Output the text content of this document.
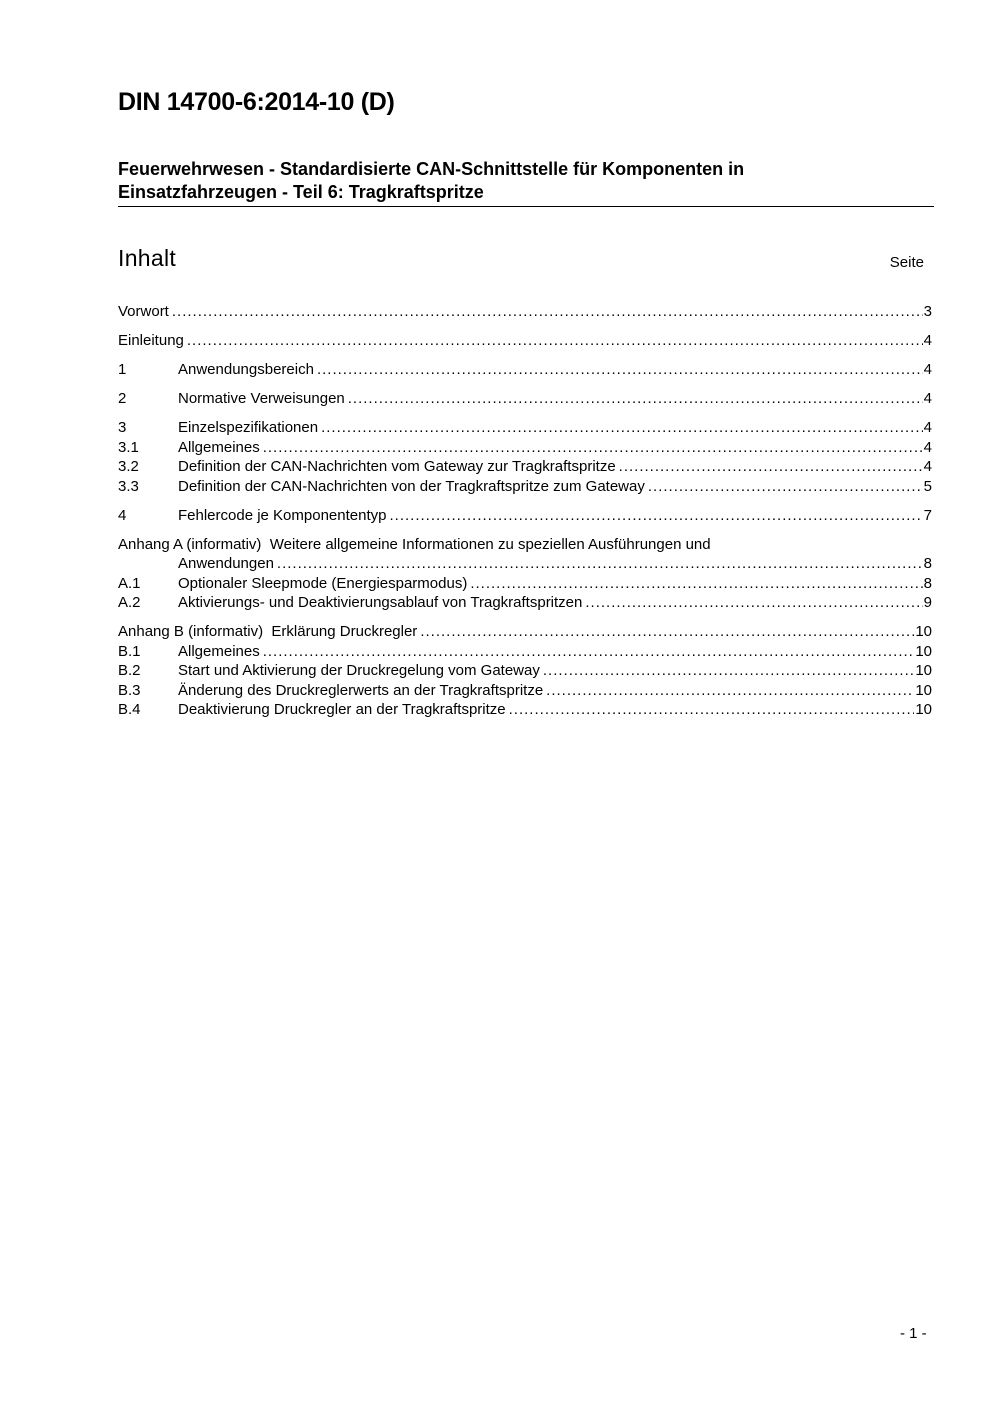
DIN 14700-6:2014-10 (D)
Feuerwehrwesen - Standardisierte CAN-Schnittstelle für Komponenten in
Einsatzfahrzeugen - Teil 6: Tragkraftspritze
Inhalt	Seite
Vorwort .....	3
Einleitung .....	4
1	Anwendungsbereich .....	4
2	Normative Verweisungen .....	4
3	Einzelspezifikationen .....	4
3.1	Allgemeines .....	4
3.2	Definition der CAN-Nachrichten vom Gateway zur Tragkraftspritze .....	4
3.3	Definition der CAN-Nachrichten von der Tragkraftspritze zum Gateway .....	5
4	Fehlercode je Komponententyp .....	7
Anhang A (informativ) Weitere allgemeine Informationen zu speziellen Ausführungen und
Anwendungen .....	8
A.1	Optionaler Sleepmode (Energiesparmodus) .....	8
A.2	Aktivierungs- und Deaktivierungsablauf von Tragkraftspritzen .....	9
Anhang B (informativ) Erklärung Druckregler .....	10
B.1	Allgemeines .....	10
B.2	Start und Aktivierung der Druckregelung vom Gateway .....	10
B.3	Änderung des Druckreglerwerts an der Tragkraftspritze .....	10
B.4	Deaktivierung Druckregler an der Tragkraftspritze .....	10
- 1 -
